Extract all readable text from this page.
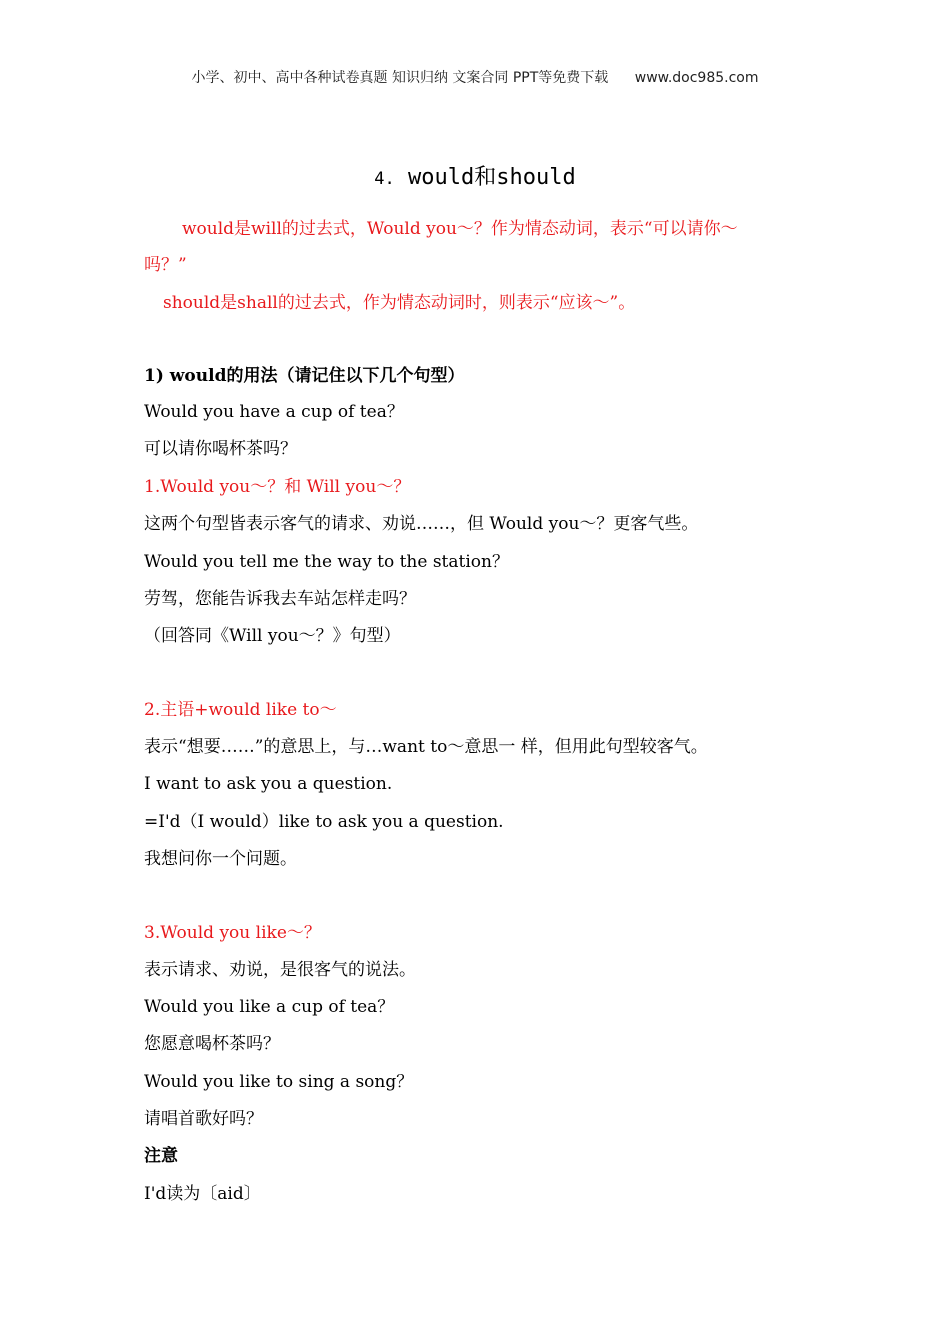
小学、初中、高中各种试卷真题 知识归纳 文案合同 PPT等免费下载 www.doc985.com
4. would和should
would是will的过去式，Would you～？作为情态动词，表示“可以请你～
吗？”
should是shall的过去式，作为情态动词时，则表示“应该～”。
1) would的用法（请记住以下几个句型）
Would you have a cup of tea？
可以请你喝杯茶吗？
1.Would you～？和 Will you～？
这两个句型皆表示客气的请求、劝说……，但 Would you～？更客气些。
Would you tell me the way to the station？
劳驾，您能告诉我去车站怎样走吗？
（回答同《Will you～？》句型）
2.主语+would like to～
表示“想要……”的意思上，与…want to～意思一 样，但用此句型较客气。
I want to ask you a question.
=I'd（I would）like to ask you a question.
我想问你一个问题。
3.Would you like～？
表示请求、劝说，是很客气的说法。
Would you like a cup of tea？
您愿意喝杯茶吗？
Would you like to sing a song？
请唱首歌好吗？
注意
I'd读为〔aid〕
